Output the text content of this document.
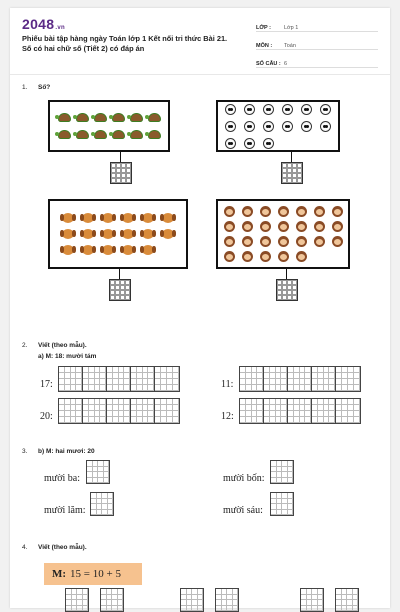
2048.vn
Phiếu bài tập hàng ngày Toán lớp 1 Kết nối tri thức Bài 21. Số có hai chữ số (Tiết 2) có đáp án
LỚP :	Lớp 1
MÔN :	Toán
SỐ CÂU : 6
1. Số?
2. Viết (theo mẫu).
a) M: 18: mười tám
17:	11:
20:	12:
3. b) M: hai mươi: 20
mười ba:	mười bốn:
mười lăm:	mười sáu:
4. Viết (theo mẫu).
M: 15 = 10 + 5
